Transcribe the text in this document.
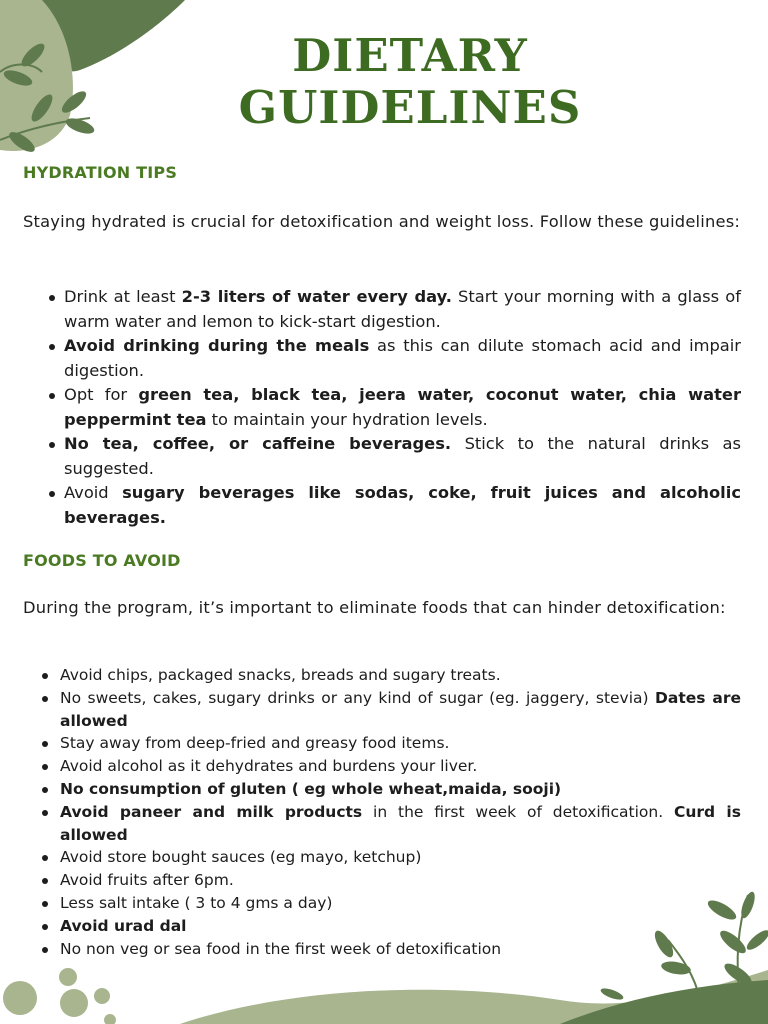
DIETARY
GUIDELINES
HYDRATION TIPS

Staying hydrated is crucial for detoxification and weight loss. Follow these guidelines:

Drink at least 2-3 liters of water every day. Start your morning with a glass of warm water and lemon to kick-start digestion.
Avoid drinking during the meals as this can dilute stomach acid and impair digestion.
Opt for green tea, black tea, jeera water, coconut water, chia water peppermint tea to maintain your hydration levels.
No tea, coffee, or caffeine beverages. Stick to the natural drinks as suggested.
Avoid sugary beverages like sodas, coke, fruit juices and alcoholic beverages.
FOODS TO AVOID

During the program, it’s important to eliminate foods that can hinder detoxification:

Avoid chips, packaged snacks, breads and sugary treats.
No sweets, cakes, sugary drinks or any kind of sugar (eg. jaggery, stevia) Dates are allowed
Stay away from deep-fried and greasy food items.
Avoid alcohol as it dehydrates and burdens your liver.
No consumption of gluten ( eg whole wheat,maida, sooji)
Avoid paneer and milk products in the first week of detoxification. Curd is allowed
Avoid store bought sauces (eg mayo, ketchup)
Avoid fruits after 6pm.
Less salt intake ( 3 to 4 gms a day)
Avoid urad dal
No non veg or sea food in the first week of detoxification
